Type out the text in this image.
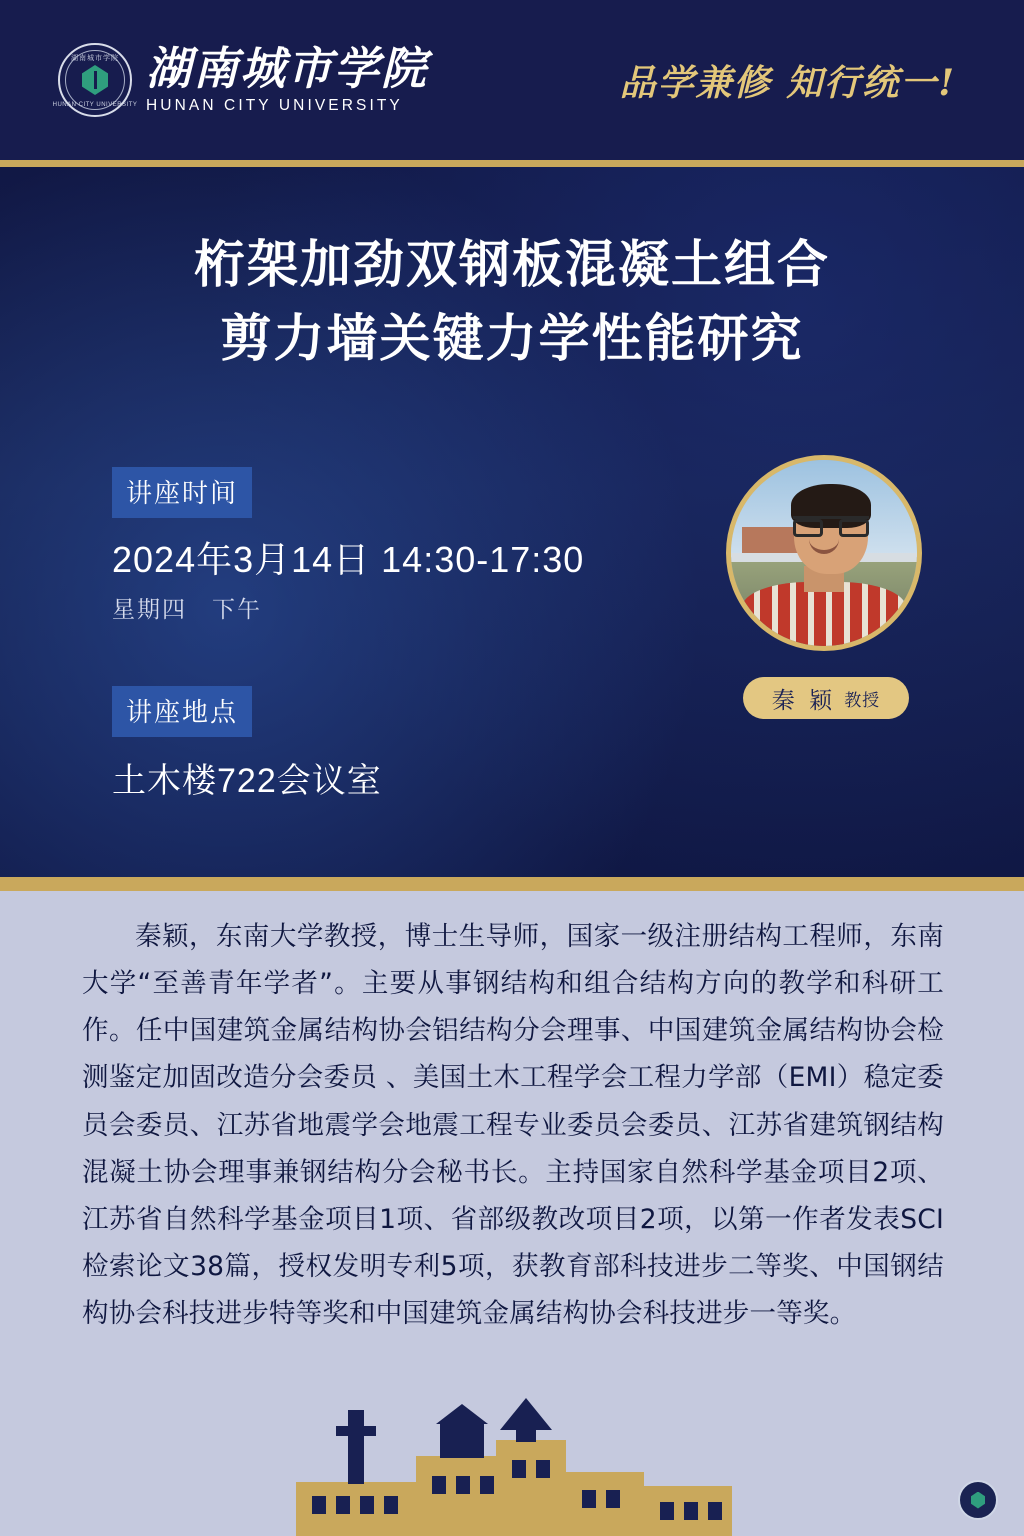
湖南城市学院
HUNAN CITY UNIVERSITY
湖南城市学院
HUNAN CITY UNIVERSITY
品学兼修 知行统一!
桁架加劲双钢板混凝土组合
剪力墙关键力学性能研究
讲座时间
2024年3月14日 14:30-17:30
星期四　下午
讲座地点
土木楼722会议室
秦 颖 教授
秦颖，东南大学教授，博士生导师，国家一级注册结构工程师，东南大学“至善青年学者”。主要从事钢结构和组合结构方向的教学和科研工作。任中国建筑金属结构协会铝结构分会理事、中国建筑金属结构协会检测鉴定加固改造分会委员 、美国土木工程学会工程力学部（EMI）稳定委员会委员、江苏省地震学会地震工程专业委员会委员、江苏省建筑钢结构混凝土协会理事兼钢结构分会秘书长。主持国家自然科学基金项目2项、江苏省自然科学基金项目1项、省部级教改项目2项，以第一作者发表SCI检索论文38篇，授权发明专利5项，获教育部科技进步二等奖、中国钢结构协会科技进步特等奖和中国建筑金属结构协会科技进步一等奖。
